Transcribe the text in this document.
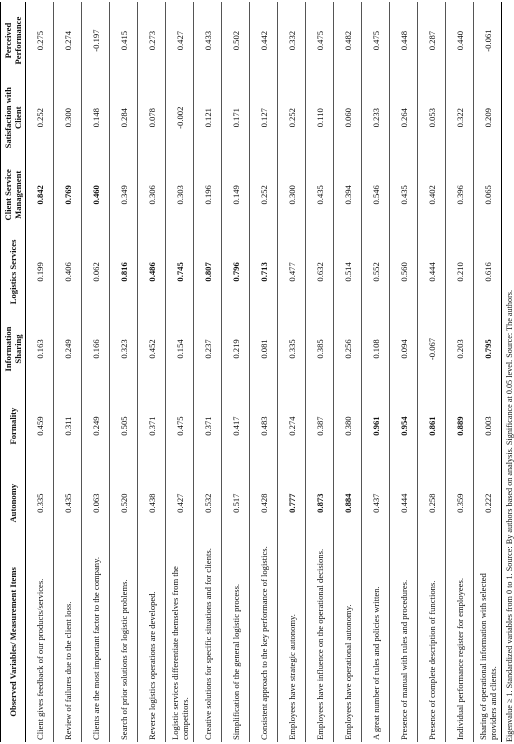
Observed Variables/ Measurement Items	Autonomy	Formality	Information Sharing	Logistics Services	Client Service Management	Satisfaction with Client	Perceived Performance
Client gives feedback of our products/services.	0.335	0.459	0.163	0.199	0.842	0.252	0.275
Review of failures due to the client loss.	0.435	0.311	0.249	0.406	0.769	0.300	0.274
Clients are the most important factor to the company.	0.063	0.249	0.166	0.062	0.460	0.148	-0.197
Search of prior solutions for logistic problems.	0.520	0.505	0.323	0.816	0.349	0.284	0.415
Reverse logistics operations are developed.	0.438	0.371	0.452	0.486	0.306	0.078	0.273
Logistic services differentiate themselves from the competitors.	0.427	0.475	0.154	0.745	0.303	-0.002	0.427
Creative solutions for specific situations and for clients.	0.532	0.371	0.237	0.807	0.196	0.121	0.433
Simplification of the general logistic process.	0.517	0.417	0.219	0.796	0.149	0.171	0.502
Consistent approach to the key performance of logistics.	0.428	0.483	0.081	0.713	0.252	0.127	0.442
Employees have strategic autonomy.	0.777	0.274	0.335	0.477	0.300	0.252	0.332
Employees have influence on the operational decisions.	0.873	0.387	0.385	0.632	0.435	0.110	0.475
Employees have operational autonomy.	0.884	0.380	0.256	0.514	0.394	0.060	0.482
A great number of rules and policies written.	0.437	0.961	0.108	0.552	0.546	0.233	0.475
Presence of manual with rules and procedures.	0.444	0.954	0.094	0.560	0.435	0.264	0.448
Presence of complete description of functions.	0.258	0.861	-0.067	0.444	0.402	0.053	0.287
Individual performance register for employees.	0.359	0.889	0.203	0.210	0.396	0.322	0.440
Sharing of operational information with selected providers and clients.	0.222	0.003	0.795	0.616	0.065	0.209	-0.061
Eigenvalue ≥ 1. Standardized variables from 0 to 1. Source: By authors based on analysis. Significance at 0.05 level. Source: The authors.
